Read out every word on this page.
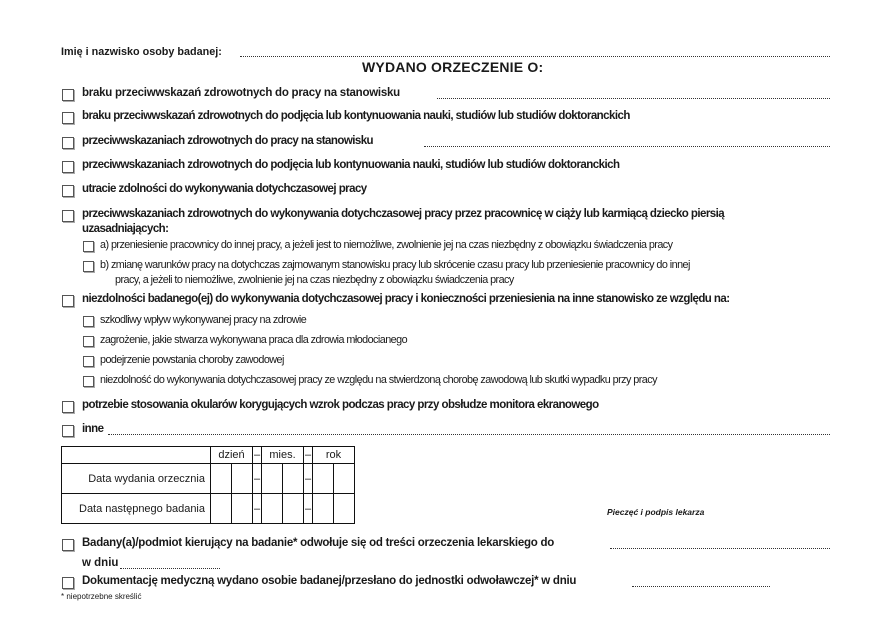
Imię i nazwisko osoby badanej:
WYDANO ORZECZENIE O:
braku przeciwwskazań zdrowotnych do pracy na stanowisku
braku przeciwwskazań zdrowotnych do podjęcia lub kontynuowania nauki, studiów lub studiów doktoranckich
przeciwwskazaniach zdrowotnych do pracy na stanowisku
przeciwwskazaniach zdrowotnych do podjęcia lub kontynuowania nauki, studiów lub studiów doktoranckich
utracie zdolności do wykonywania dotychczasowej pracy
przeciwwskazaniach zdrowotnych do wykonywania dotychczasowej pracy przez pracownicę w ciąży lub karmiącą dziecko piersią
uzasadniających:
a) przeniesienie pracownicy do innej pracy, a jeżeli jest to niemożliwe, zwolnienie jej na czas niezbędny z obowiązku świadczenia pracy
b) zmianę warunków pracy na dotychczas zajmowanym stanowisku pracy lub skrócenie czasu pracy lub przeniesienie pracownicy do innej
pracy, a jeżeli to niemożliwe, zwolnienie jej na czas niezbędny z obowiązku świadczenia pracy
niezdolności badanego(ej) do wykonywania dotychczasowej pracy i konieczności przeniesienia na inne stanowisko ze względu na:
szkodliwy wpływ wykonywanej pracy na zdrowie
zagrożenie, jakie stwarza wykonywana praca dla zdrowia młodocianego
podejrzenie powstania choroby zawodowej
niezdolność do wykonywania dotychczasowej pracy ze względu na stwierdzoną chorobę zawodową lub skutki wypadku przy pracy
potrzebie stosowania okularów korygujących wzrok podczas pracy przy obsłudze monitora ekranowego
inne
	dzień		–	mies.		–	rok	
Data wydania orzecznia			–			–		
Data następnego badania			–			–			Pieczęć i podpis lekarza
Badany(a)/podmiot kierujący na badanie* odwołuje się od treści orzeczenia lekarskiego do
w dniu
Dokumentację medyczną wydano osobie badanej/przesłano do jednostki odwoławczej* w dniu
* niepotrzebne skreślić
